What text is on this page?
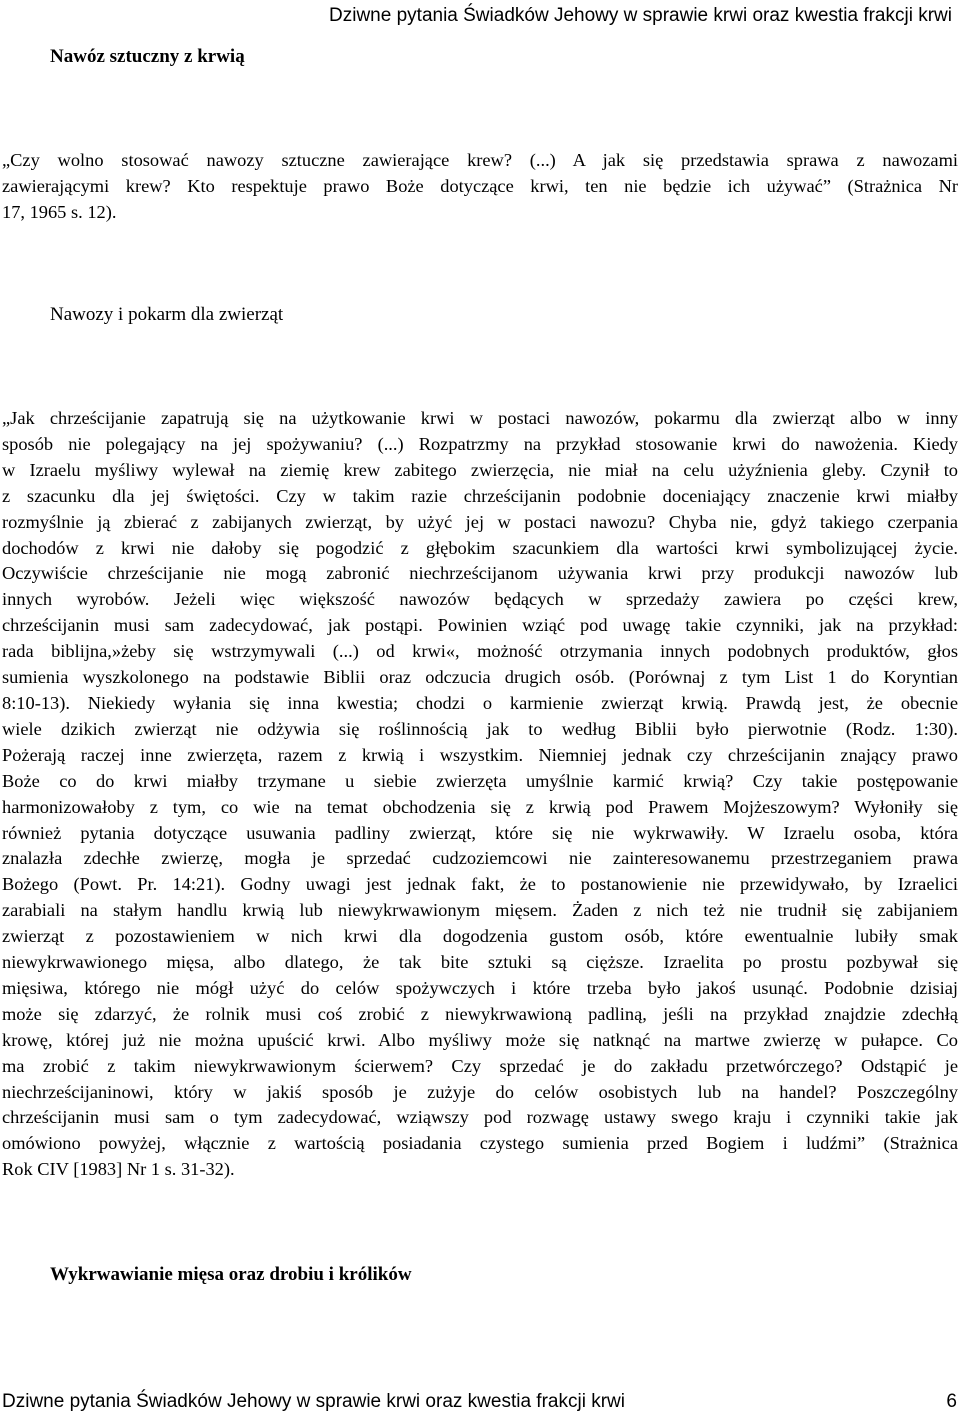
Dziwne pytania Świadków Jehowy w sprawie krwi oraz kwestia frakcji krwi

Nawóz sztuczny z krwią
„Czy wolno stosować nawozy sztuczne zawierające krew? (...) A jak się przedstawia sprawa z nawozami
zawierającymi krew? Kto respektuje prawo Boże dotyczące krwi, ten nie będzie ich używać” (Strażnica Nr
17, 1965 s. 12).
Nawozy i pokarm dla zwierząt
„Jak chrześcijanie zapatrują się na użytkowanie krwi w postaci nawozów, pokarmu dla zwierząt albo w inny
sposób nie polegający na jej spożywaniu? (...) Rozpatrzmy na przykład stosowanie krwi do nawożenia. Kiedy
w Izraelu myśliwy wylewał na ziemię krew zabitego zwierzęcia, nie miał na celu użyźnienia gleby. Czynił to
z szacunku dla jej świętości. Czy w takim razie chrześcijanin podobnie doceniający znaczenie krwi miałby
rozmyślnie ją zbierać z zabijanych zwierząt, by użyć jej w postaci nawozu? Chyba nie, gdyż takiego czerpania
dochodów z krwi nie dałoby się pogodzić z głębokim szacunkiem dla wartości krwi symbolizującej życie.
Oczywiście chrześcijanie nie mogą zabronić niechrześcijanom używania krwi przy produkcji nawozów lub
innych wyrobów. Jeżeli więc większość nawozów będących w sprzedaży zawiera po części krew,
chrześcijanin musi sam zadecydować, jak postąpi. Powinien wziąć pod uwagę takie czynniki, jak na przykład:
rada biblijna,»żeby się wstrzymywali (...) od krwi«, możność otrzymania innych podobnych produktów, głos
sumienia wyszkolonego na podstawie Biblii oraz odczucia drugich osób. (Porównaj z tym List 1 do Koryntian
8:10-13). Niekiedy wyłania się inna kwestia; chodzi o karmienie zwierząt krwią. Prawdą jest, że obecnie
wiele dzikich zwierząt nie odżywia się roślinnością jak to według Biblii było pierwotnie (Rodz. 1:30).
Pożerają raczej inne zwierzęta, razem z krwią i wszystkim. Niemniej jednak czy chrześcijanin znający prawo
Boże co do krwi miałby trzymane u siebie zwierzęta umyślnie karmić krwią? Czy takie postępowanie
harmonizowałoby z tym, co wie na temat obchodzenia się z krwią pod Prawem Mojżeszowym? Wyłoniły się
również pytania dotyczące usuwania padliny zwierząt, które się nie wykrwawiły. W Izraelu osoba, która
znalazła zdechłe zwierzę, mogła je sprzedać cudzoziemcowi nie zainteresowanemu przestrzeganiem prawa
Bożego (Powt. Pr. 14:21). Godny uwagi jest jednak fakt, że to postanowienie nie przewidywało, by Izraelici
zarabiali na stałym handlu krwią lub niewykrwawionym mięsem. Żaden z nich też nie trudnił się zabijaniem
zwierząt z pozostawieniem w nich krwi dla dogodzenia gustom osób, które ewentualnie lubiły smak
niewykrwawionego mięsa, albo dlatego, że tak bite sztuki są cięższe. Izraelita po prostu pozbywał się
mięsiwa, którego nie mógł użyć do celów spożywczych i które trzeba było jakoś usunąć. Podobnie dzisiaj
może się zdarzyć, że rolnik musi coś zrobić z niewykrwawioną padliną, jeśli na przykład znajdzie zdechłą
krowę, której już nie można upuścić krwi. Albo myśliwy może się natknąć na martwe zwierzę w pułapce. Co
ma zrobić z takim niewykrwawionym ścierwem? Czy sprzedać je do zakładu przetwórczego? Odstąpić je
niechrześcijaninowi, który w jakiś sposób je zużyje do celów osobistych lub na handel? Poszczególny
chrześcijanin musi sam o tym zadecydować, wziąwszy pod rozwagę ustawy swego kraju i czynniki takie jak
omówiono powyżej, włącznie z wartością posiadania czystego sumienia przed Bogiem i ludźmi” (Strażnica
Rok CIV [1983] Nr 1 s. 31-32).
Wykrwawianie mięsa oraz drobiu i królików
Dziwne pytania Świadków Jehowy w sprawie krwi oraz kwestia frakcji krwi	6
